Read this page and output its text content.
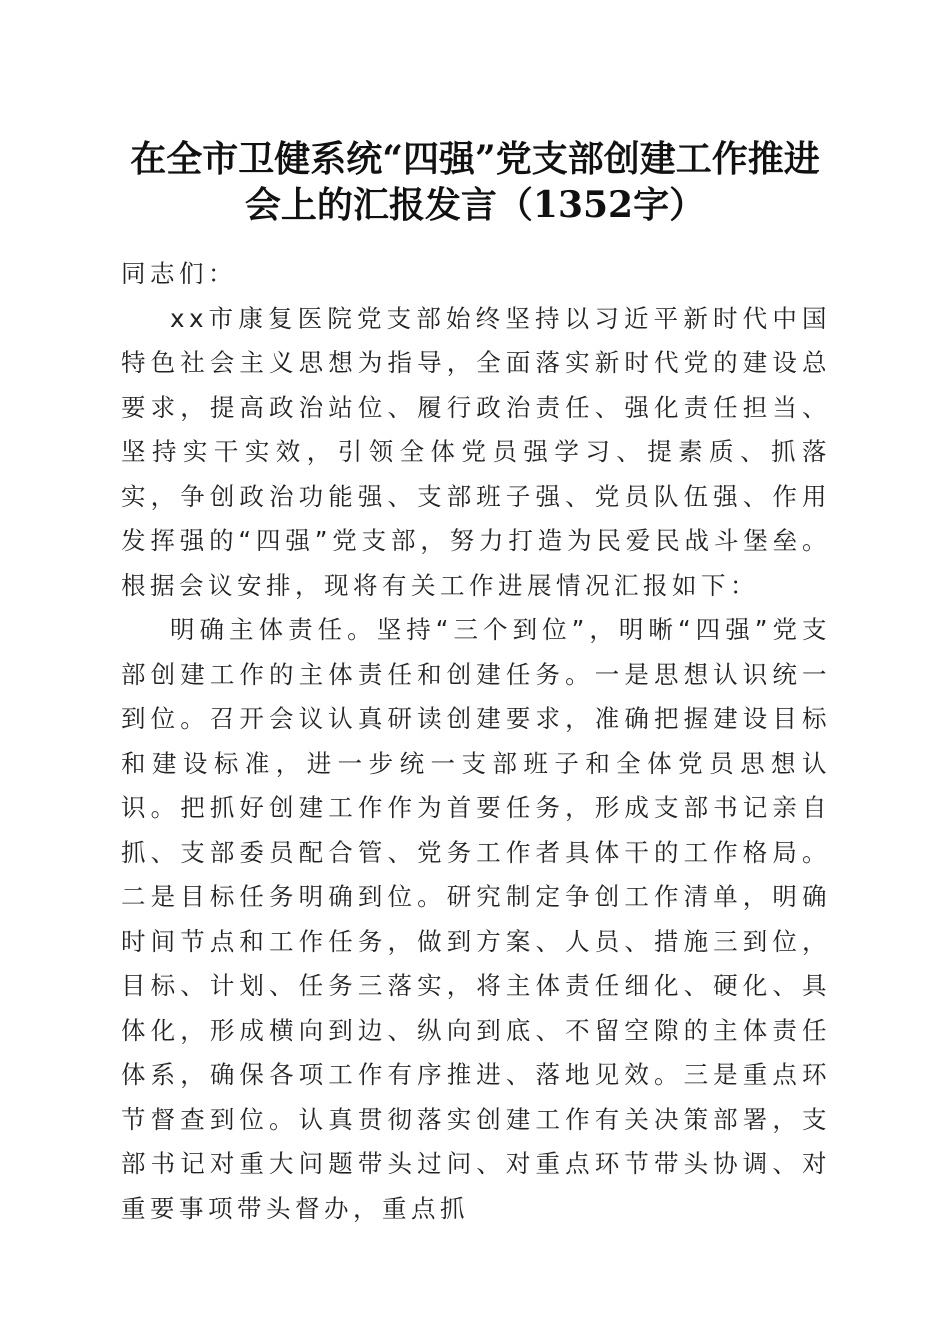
在全市卫健系统“四强”党支部创建工作推进
会上的汇报发言（1352字）

同志们：

xx市康复医院党支部始终坚持以习近平新时代中国特色社会主义思想为指导，全面落实新时代党的建设总要求，提高政治站位、履行政治责任、强化责任担当、坚持实干实效，引领全体党员强学习、提素质、抓落实，争创政治功能强、支部班子强、党员队伍强、作用发挥强的“四强”党支部，努力打造为民爱民战斗堡垒。根据会议安排，现将有关工作进展情况汇报如下：

明确主体责任。坚持“三个到位”，明晰“四强”党支部创建工作的主体责任和创建任务。一是思想认识统一到位。召开会议认真研读创建要求，准确把握建设目标和建设标准，进一步统一支部班子和全体党员思想认识。把抓好创建工作作为首要任务，形成支部书记亲自抓、支部委员配合管、党务工作者具体干的工作格局。二是目标任务明确到位。研究制定争创工作清单，明确时间节点和工作任务，做到方案、人员、措施三到位，目标、计划、任务三落实，将主体责任细化、硬化、具体化，形成横向到边、纵向到底、不留空隙的主体责任体系，确保各项工作有序推进、落地见效。三是重点环节督查到位。认真贯彻落实创建工作有关决策部署，支部书记对重大问题带头过问、对重点环节带头协调、对重要事项带头督办，重点抓
